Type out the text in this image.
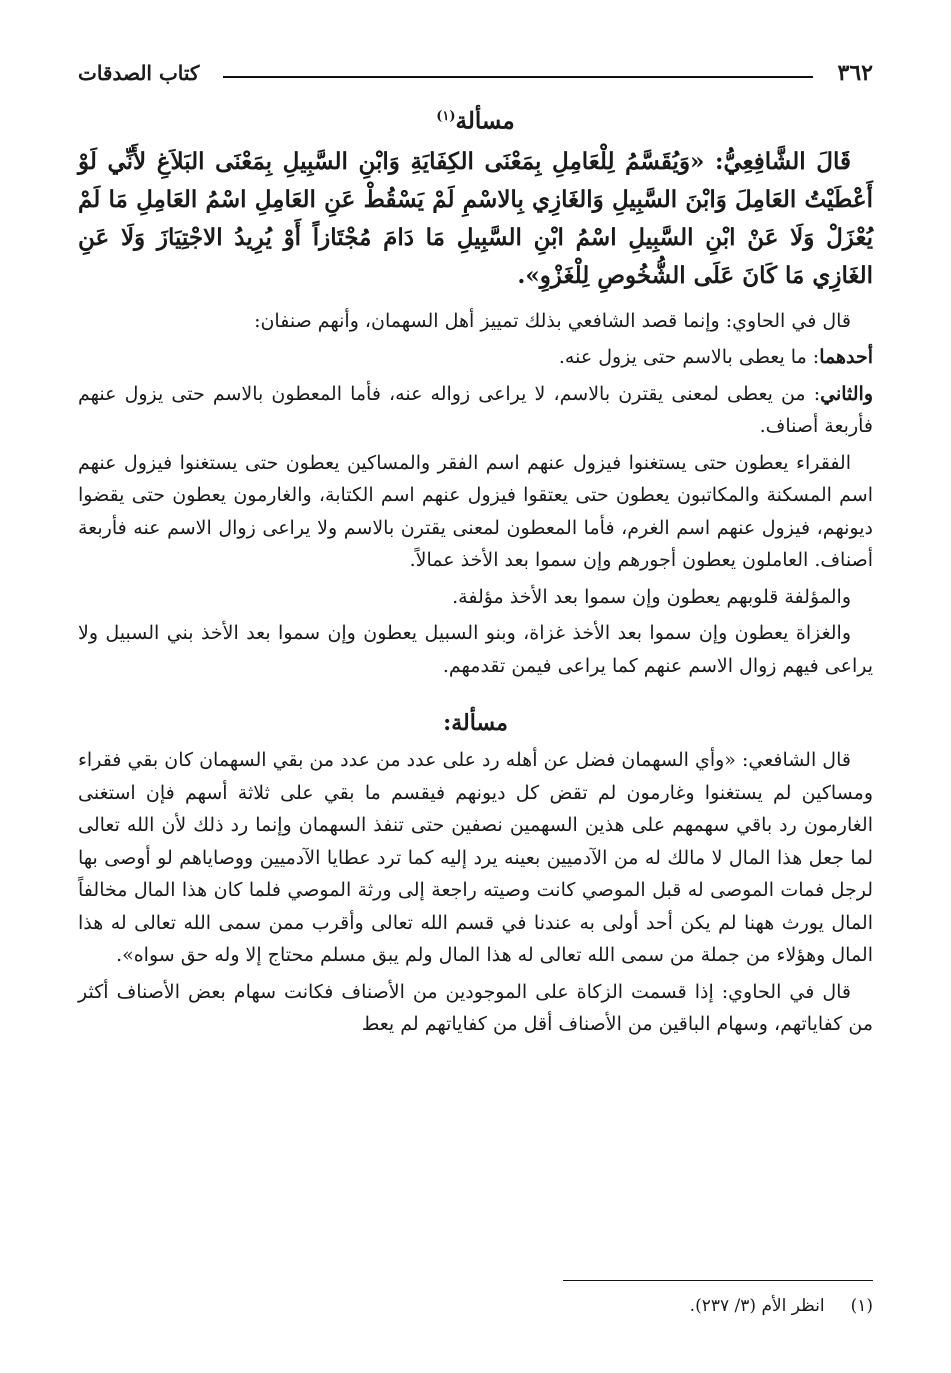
٣٦٢
كتاب الصدقات
مسألة$^{(١)}$

قَالَ الشَّافِعِيُّ: «وَيُقَسَّمُ لِلْعَامِلِ بِمَعْنَى الكِفَايَةِ وَابْنِ السَّبِيلِ بِمَعْنَى البَلاَغِ لأَنِّي لَوْ أَعْطَيْتُ العَامِلَ وَابْنَ السَّبِيلِ وَالغَازِي بِالاسْمِ لَمْ يَسْقُطْ عَنِ العَامِلِ اسْمُ العَامِلِ مَا لَمْ يُعْزَلْ وَلَا عَنْ ابْنِ السَّبِيلِ اسْمُ ابْنِ السَّبِيلِ مَا دَامَ مُجْتَازاً أَوْ يُرِيدُ الاجْتِيَازَ وَلَا عَنِ الغَازِي مَا كَانَ عَلَى الشُّخُوصِ لِلْغَزْوِ».

قال في الحاوي: وإنما قصد الشافعي بذلك تمييز أهل السهمان، وأنهم صنفان:

أحدهما: ما يعطى بالاسم حتى يزول عنه.

والثاني: من يعطى لمعنى يقترن بالاسم، لا يراعى زواله عنه، فأما المعطون بالاسم حتى يزول عنهم فأربعة أصناف.

الفقراء يعطون حتى يستغنوا فيزول عنهم اسم الفقر والمساكين يعطون حتى يستغنوا فيزول عنهم اسم المسكنة والمكاتبون يعطون حتى يعتقوا فيزول عنهم اسم الكتابة، والغارمون يعطون حتى يقضوا ديونهم، فيزول عنهم اسم الغرم، فأما المعطون لمعنى يقترن بالاسم ولا يراعى زوال الاسم عنه فأربعة أصناف. العاملون يعطون أجورهم وإن سموا بعد الأخذ عمالاً.

والمؤلفة قلوبهم يعطون وإن سموا بعد الأخذ مؤلفة.

والغزاة يعطون وإن سموا بعد الأخذ غزاة، وبنو السبيل يعطون وإن سموا بعد الأخذ بني السبيل ولا يراعى فيهم زوال الاسم عنهم كما يراعى فيمن تقدمهم.

مسألة:

قال الشافعي: «وأي السهمان فضل عن أهله رد على عدد من عدد من بقي السهمان كان بقي فقراء ومساكين لم يستغنوا وغارمون لم تقض كل ديونهم فيقسم ما بقي على ثلاثة أسهم فإن استغنى الغارمون رد باقي سهمهم على هذين السهمين نصفين حتى تنفذ السهمان وإنما رد ذلك لأن الله تعالى لما جعل هذا المال لا مالك له من الآدميين بعينه يرد إليه كما ترد عطايا الآدميين ووصاياهم لو أوصى بها لرجل فمات الموصى له قبل الموصي كانت وصيته راجعة إلى ورثة الموصي فلما كان هذا المال مخالفاً المال يورث ههنا لم يكن أحد أولى به عندنا في قسم الله تعالى وأقرب ممن سمى الله تعالى له هذا المال وهؤلاء من جملة من سمى الله تعالى له هذا المال ولم يبق مسلم محتاج إلا وله حق سواه».

قال في الحاوي: إذا قسمت الزكاة على الموجودين من الأصناف فكانت سهام بعض الأصناف أكثر من كفاياتهم، وسهام الباقين من الأصناف أقل من كفاياتهم لم يعط

(١)انظر الأم (٣/ ٢٣٧).
